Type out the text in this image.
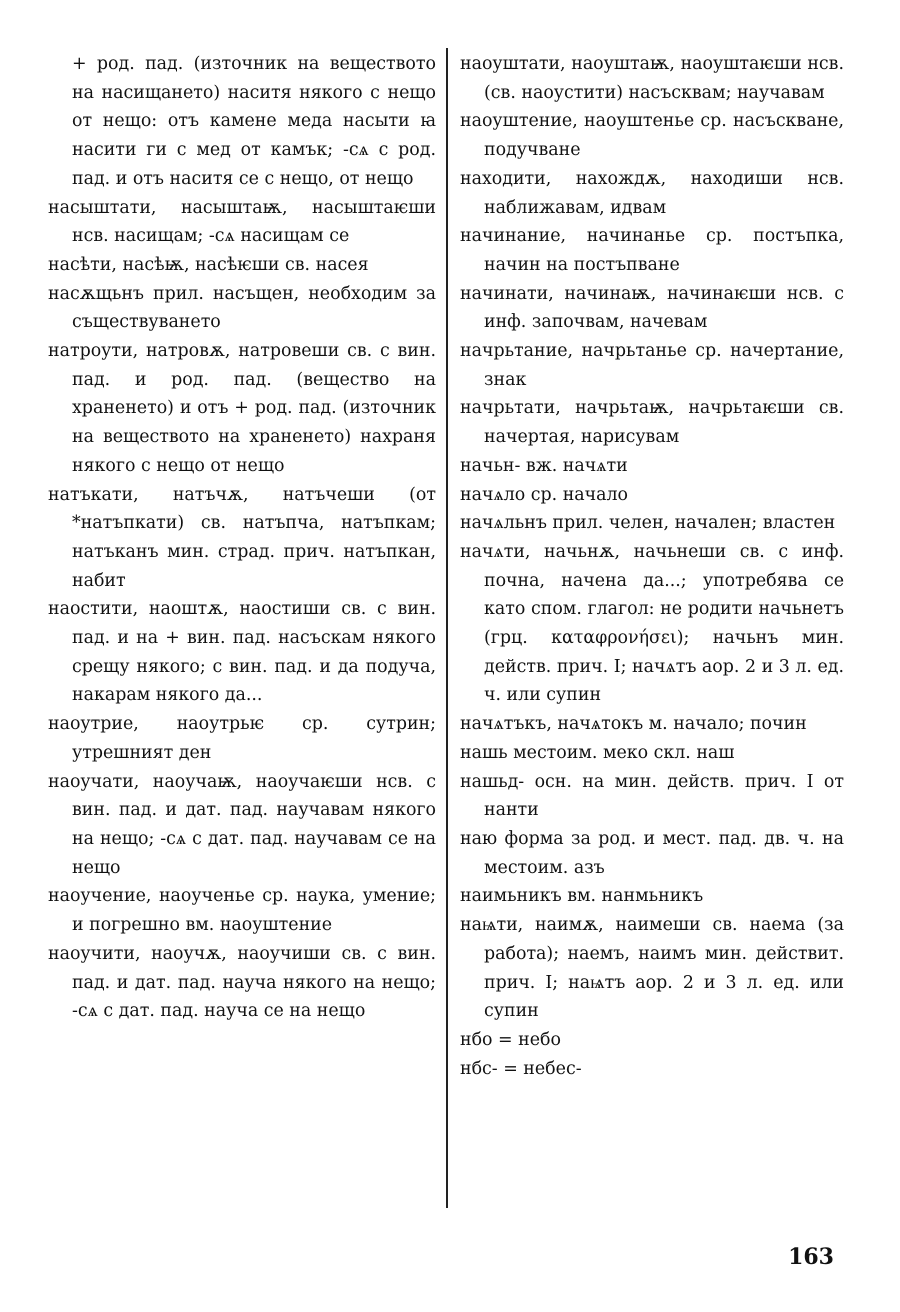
+ род. пад. (източник на веществото на насищането) наситя някого с нещо от нещо: отъ камене меда насыти ꙗ насити ги с мед от камък; -сѧ с род. пад. и отъ наситя се с нещо, от нещо

насыштати, насыштаѭ, насыштаѥши нсв. насищам; -сѧ насищам се

насѣти, насѣѭ, насѣѥши св. насея

насѫщьнъ прил. насъщен, необходим за съществуването

натроути, натровѫ, натровеши св. с вин. пад. и род. пад. (вещество на храненето) и отъ + род. пад. (източник на веществото на храненето) нахраня някого с нещо от нещо

натъкати, натъчѫ, натъчеши (от *натъпкати) св. натъпча, натъпкам; натъканъ мин. страд. прич. натъпкан, набит

наостити, наоштѫ, наостиши св. с вин. пад. и на + вин. пад. насъскам някого срещу някого; с вин. пад. и да подуча, накарам някого да...

наоутрие, наоутрьѥ ср. сутрин; утрешният ден

наоучати, наоучаѭ, наоучаѥши нсв. с вин. пад. и дат. пад. научавам някого на нещо; -сѧ с дат. пад. научавам се на нещо

наоучение, наоученье ср. наука, умение; и погрешно вм. наоуштение

наоучити, наоучѫ, наоучиши св. с вин. пад. и дат. пад. науча някого на нещо; -сѧ с дат. пад. науча се на нещо

наоуштати, наоуштаѭ, наоуштаѥши нсв. (св. наоустити) насъсквам; научавам

наоуштение, наоуштенье ср. насъскване, подучване

находити, нахождѫ, находиши нсв. наближавам, идвам

начинание, начинанье ср. постъпка, начин на постъпване

начинати, начинаѭ, начинаѥши нсв. с инф. започвам, начевам

начрьтание, начрьтанье ср. начертание, знак

начрьтати, начрьтаѭ, начрьтаѥши св. начертая, нарисувам

начьн- вж. начѧти

начѧло ср. начало

начѧльнъ прил. челен, начален; властен

начѧти, начьнѫ, начьнеши св. с инф. почна, начена да...; употребява се като спом. глагол: не родити начьнетъ (грц. καταφρονήσει); начьнъ мин. действ. прич. I; начѧтъ аор. 2 и 3 л. ед. ч. или супин

начѧтъкъ, начѧтокъ м. начало; почин

нашь местоим. меко скл. наш

нашьд- осн. на мин. действ. прич. I от нанти

наю форма за род. и мест. пад. дв. ч. на местоим. азъ

наимьникъ вм. нанмьникъ

наѩти, наимѫ, наимеши св. наема (за работа); наемъ, наимъ мин. действит. прич. I; наѩтъ аор. 2 и 3 л. ед. или супин

нбо = небо

нбс- = небес-

163
